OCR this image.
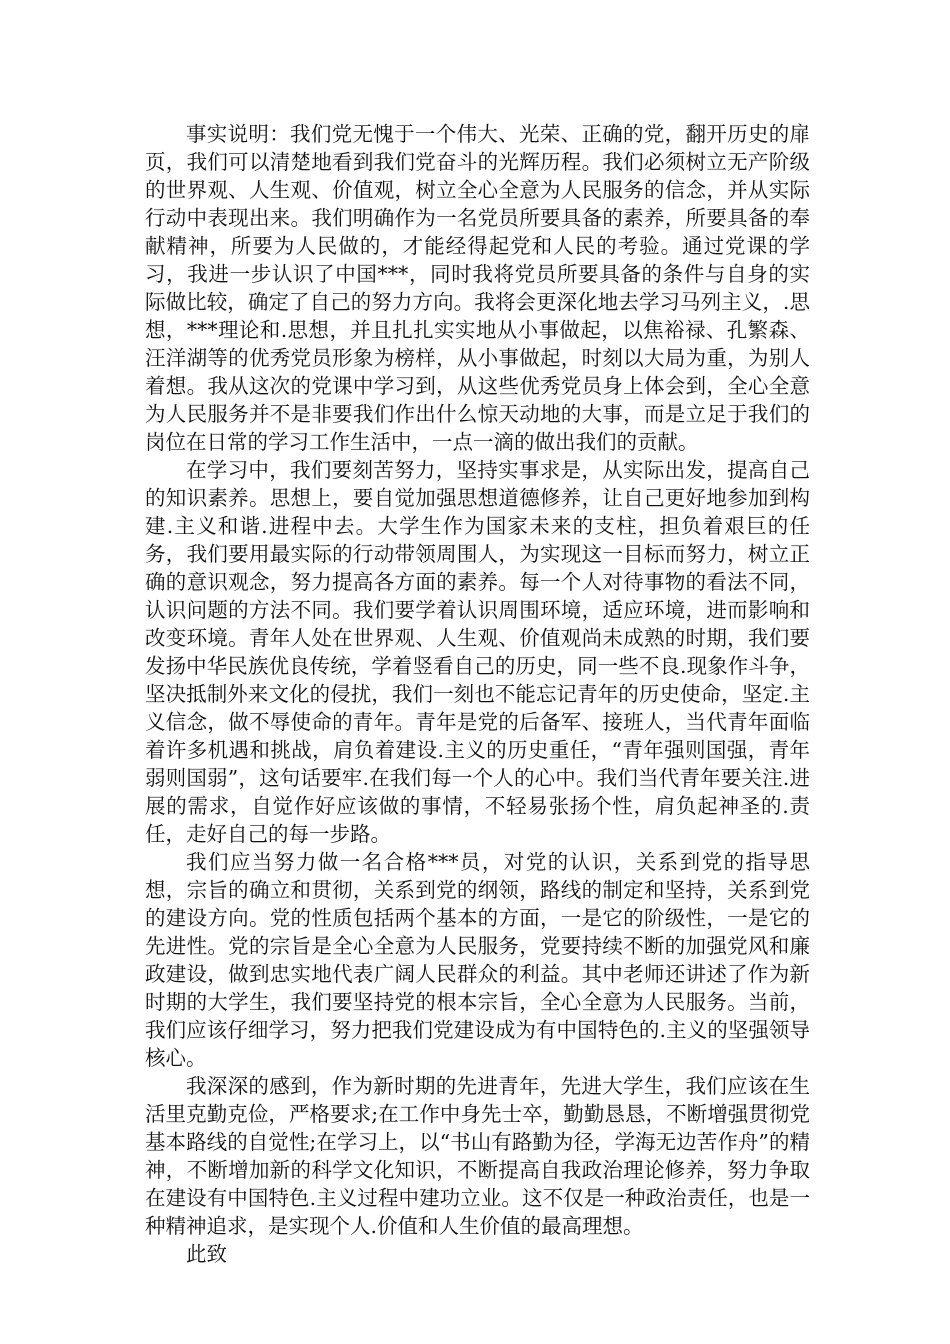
事实说明：我们党无愧于一个伟大、光荣、正确的党，翻开历史的扉页，我们可以清楚地看到我们党奋斗的光辉历程。我们必须树立无产阶级的世界观、人生观、价值观，树立全心全意为人民服务的信念，并从实际行动中表现出来。我们明确作为一名党员所要具备的素养，所要具备的奉献精神，所要为人民做的，才能经得起党和人民的考验。通过党课的学习，我进一步认识了中国***，同时我将党员所要具备的条件与自身的实际做比较，确定了自己的努力方向。我将会更深化地去学习马列主义，.思想，***理论和.思想，并且扎扎实实地从小事做起，以焦裕禄、孔繁森、汪洋湖等的优秀党员形象为榜样，从小事做起，时刻以大局为重，为别人着想。我从这次的党课中学习到，从这些优秀党员身上体会到，全心全意为人民服务并不是非要我们作出什么惊天动地的大事，而是立足于我们的岗位在日常的学习工作生活中，一点一滴的做出我们的贡献。

在学习中，我们要刻苦努力，坚持实事求是，从实际出发，提高自己的知识素养。思想上，要自觉加强思想道德修养，让自己更好地参加到构建.主义和谐.进程中去。大学生作为国家未来的支柱，担负着艰巨的任务，我们要用最实际的行动带领周围人，为实现这一目标而努力，树立正确的意识观念，努力提高各方面的素养。每一个人对待事物的看法不同，认识问题的方法不同。我们要学着认识周围环境，适应环境，进而影响和改变环境。青年人处在世界观、人生观、价值观尚未成熟的时期，我们要发扬中华民族优良传统，学着竖看自己的历史，同一些不良.现象作斗争，坚决抵制外来文化的侵扰，我们一刻也不能忘记青年的历史使命，坚定.主义信念，做不辱使命的青年。青年是党的后备军、接班人，当代青年面临着许多机遇和挑战，肩负着建设.主义的历史重任，“青年强则国强，青年弱则国弱”，这句话要牢.在我们每一个人的心中。我们当代青年要关注.进展的需求，自觉作好应该做的事情，不轻易张扬个性，肩负起神圣的.责任，走好自己的每一步路。

我们应当努力做一名合格***员，对党的认识，关系到党的指导思想，宗旨的确立和贯彻，关系到党的纲领，路线的制定和坚持，关系到党的建设方向。党的性质包括两个基本的方面，一是它的阶级性，一是它的先进性。党的宗旨是全心全意为人民服务，党要持续不断的加强党风和廉政建设，做到忠实地代表广阔人民群众的利益。其中老师还讲述了作为新时期的大学生，我们要坚持党的根本宗旨，全心全意为人民服务。当前，我们应该仔细学习，努力把我们党建设成为有中国特色的.主义的坚强领导核心。

我深深的感到，作为新时期的先进青年，先进大学生，我们应该在生活里克勤克俭，严格要求;在工作中身先士卒，勤勤恳恳，不断增强贯彻党基本路线的自觉性;在学习上，以“书山有路勤为径，学海无边苦作舟”的精神，不断增加新的科学文化知识，不断提高自我政治理论修养，努力争取在建设有中国特色.主义过程中建功立业。这不仅是一种政治责任，也是一种精神追求，是实现个人.价值和人生价值的最高理想。

此致
